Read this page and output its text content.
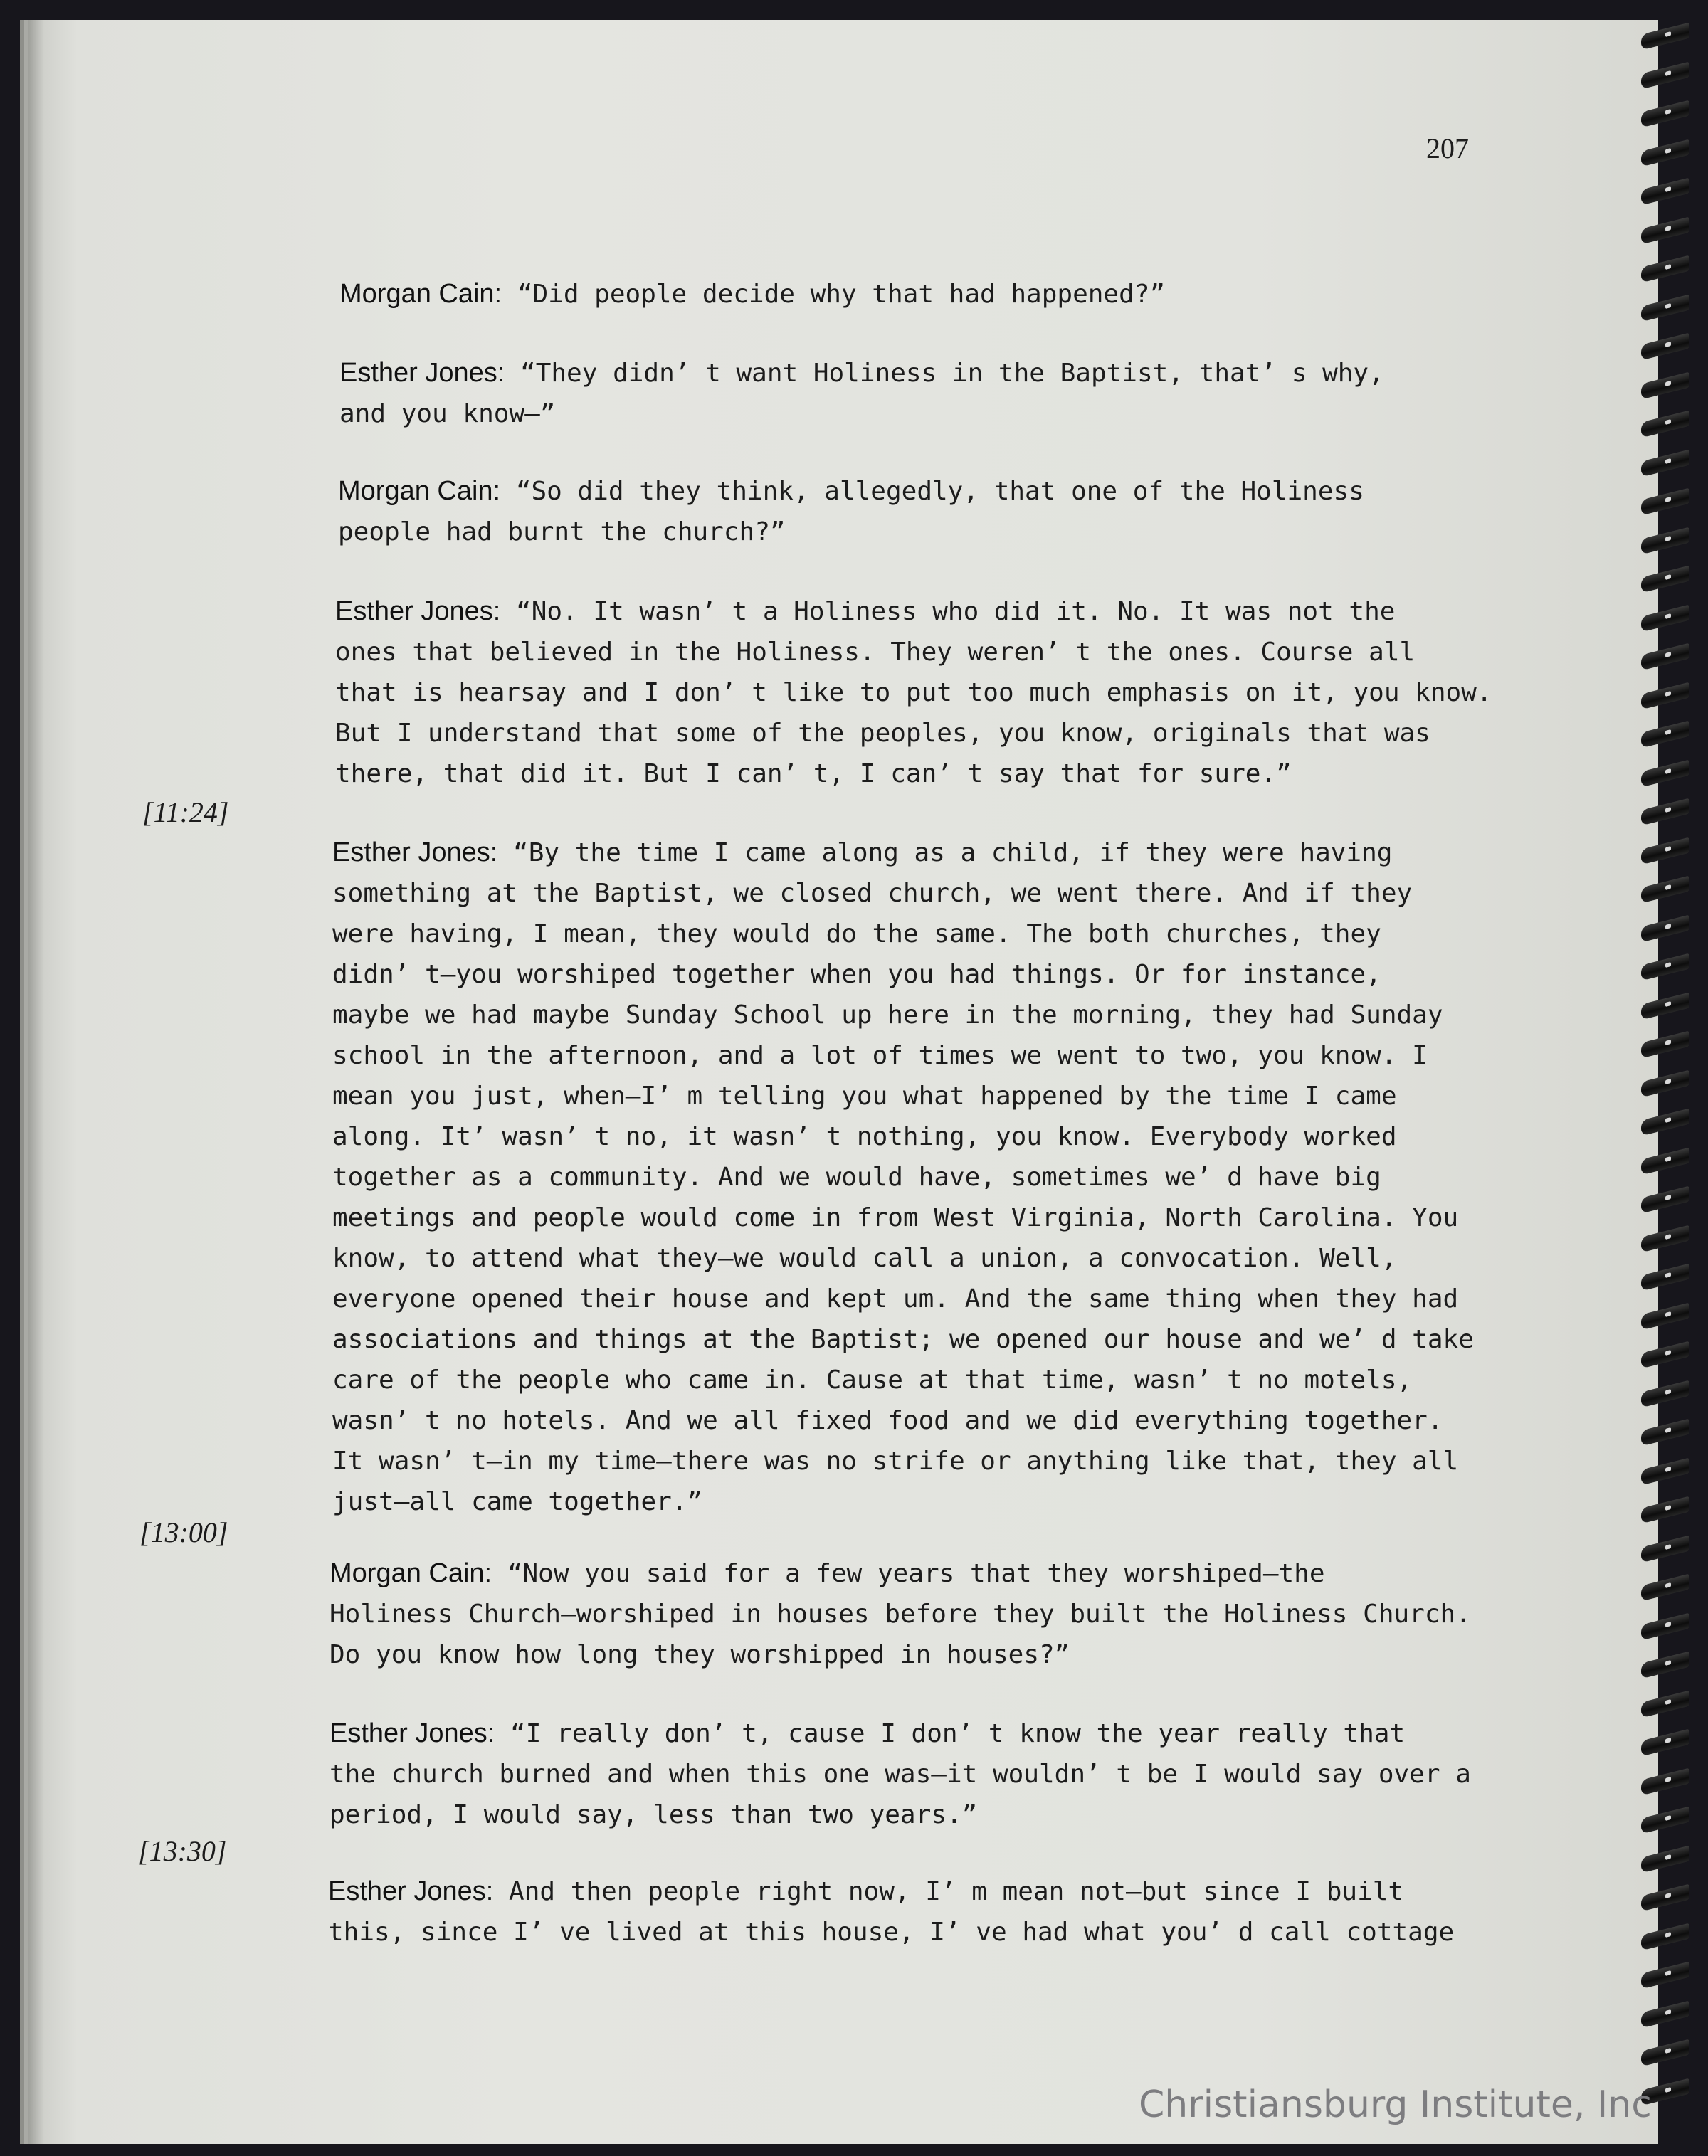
207
Morgan Cain: “Did people decide why that had happened?”
Esther Jones: “They didn’ t want Holiness in the Baptist, that’ s why,
and you know—”
Morgan Cain: “So did they think, allegedly, that one of the Holiness
people had burnt the church?”
Esther Jones: “No. It wasn’ t a Holiness who did it. No. It was not the
ones that believed in the Holiness. They weren’ t the ones. Course all
that is hearsay and I don’ t like to put too much emphasis on it, you know.
But I understand that some of the peoples, you know, originals that was
there, that did it. But I can’ t, I can’ t say that for sure.”
[11:24]
Esther Jones: “By the time I came along as a child, if they were having
something at the Baptist, we closed church, we went there. And if they
were having, I mean, they would do the same. The both churches, they
didn’ t—you worshiped together when you had things. Or for instance,
maybe we had maybe Sunday School up here in the morning, they had Sunday
school in the afternoon, and a lot of times we went to two, you know. I
mean you just, when—I’ m telling you what happened by the time I came
along. It’ wasn’ t no, it wasn’ t nothing, you know. Everybody worked
together as a community. And we would have, sometimes we’ d have big
meetings and people would come in from West Virginia, North Carolina. You
know, to attend what they—we would call a union, a convocation. Well,
everyone opened their house and kept um. And the same thing when they had
associations and things at the Baptist; we opened our house and we’ d take
care of the people who came in. Cause at that time, wasn’ t no motels,
wasn’ t no hotels. And we all fixed food and we did everything together.
It wasn’ t—in my time—there was no strife or anything like that, they all
just—all came together.”
[13:00]
Morgan Cain: “Now you said for a few years that they worshiped—the
Holiness Church—worshiped in houses before they built the Holiness Church.
Do you know how long they worshipped in houses?”
Esther Jones: “I really don’ t, cause I don’ t know the year really that
the church burned and when this one was—it wouldn’ t be I would say over a
period, I would say, less than two years.”
[13:30]
Esther Jones: And then people right now, I’ m mean not—but since I built
this, since I’ ve lived at this house, I’ ve had what you’ d call cottage
Christiansburg Institute, Inc
